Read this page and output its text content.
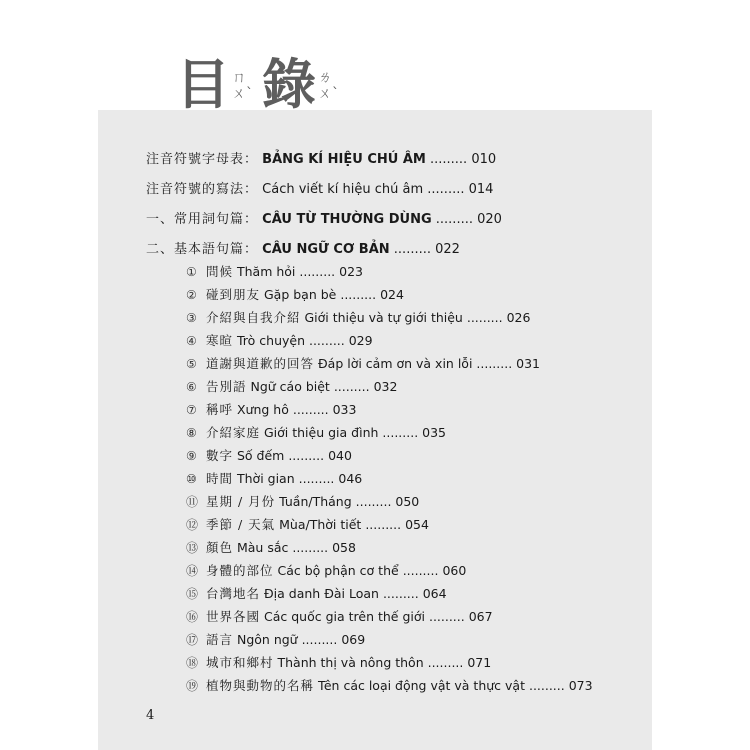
目 ㄇㄨˋ 錄 ㄌㄨˋ
注音符號字母表： BẢNG KÍ HIỆU CHÚ ÂM ......... 010
注音符號的寫法： Cách viết kí hiệu chú âm ......... 014
一、常用詞句篇： CÂU TỪ THƯỜNG DÙNG ......... 020
二、基本語句篇： CÂU NGỮ CƠ BẢN ......... 022
① 問候 Thăm hỏi ......... 023
② 碰到朋友 Gặp bạn bè ......... 024
③ 介紹與自我介紹 Giới thiệu và tự giới thiệu ......... 026
④ 寒暄 Trò chuyện ......... 029
⑤ 道謝與道歉的回答 Đáp lời cảm ơn và xin lỗi ......... 031
⑥ 告別語 Ngữ cáo biệt ......... 032
⑦ 稱呼 Xưng hô ......... 033
⑧ 介紹家庭 Giới thiệu gia đình ......... 035
⑨ 數字 Số đếm ......... 040
⑩ 時間 Thời gian ......... 046
⑪ 星期 / 月份 Tuần/Tháng ......... 050
⑫ 季節 / 天氣 Mùa/Thời tiết ......... 054
⑬ 顏色 Màu sắc ......... 058
⑭ 身體的部位 Các bộ phận cơ thể ......... 060
⑮ 台灣地名 Địa danh Đài Loan ......... 064
⑯ 世界各國 Các quốc gia trên thế giới ......... 067
⑰ 語言 Ngôn ngữ ......... 069
⑱ 城市和鄉村 Thành thị và nông thôn ......... 071
⑲ 植物與動物的名稱 Tên các loại động vật và thực vật ......... 073
4
